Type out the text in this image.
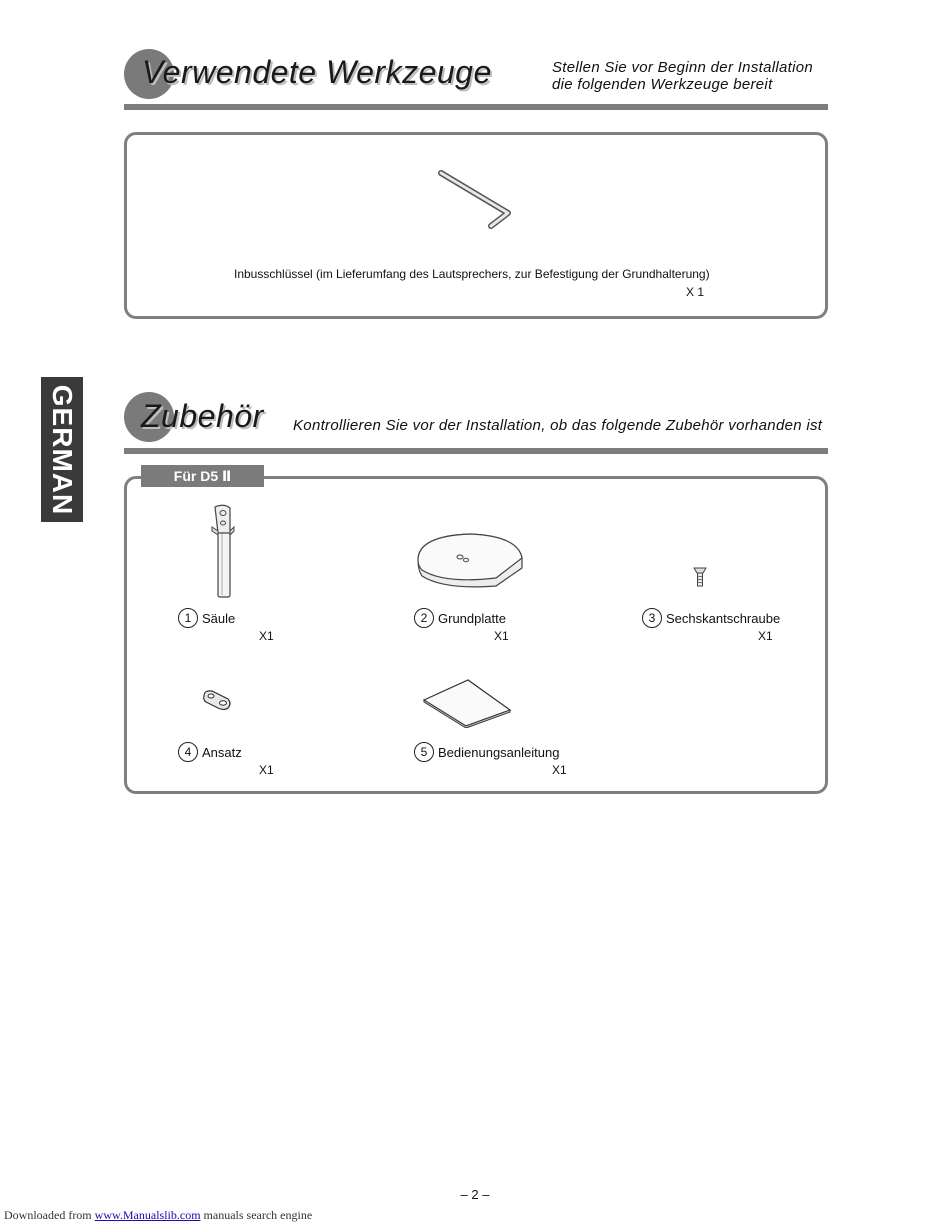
Verwendete Werkzeuge	Stellen Sie vor Beginn der Installation
die folgenden Werkzeuge bereit
Inbusschlüssel (im Lieferumfang des Lautsprechers, zur Befestigung der Grundhalterung)
X 1
GERMAN Zubehör Kontrollieren Sie vor der Installation, ob das folgende Zubehör vorhanden ist
Für D5 Ⅱ
1 Säule
X1
2 Grundplatte
X1
3 Sechskantschraube
X1
4 Ansatz
X1
5 Bedienungsanleitung
X1
– 2 –
Downloaded from www.Manualslib.com manuals search engine
